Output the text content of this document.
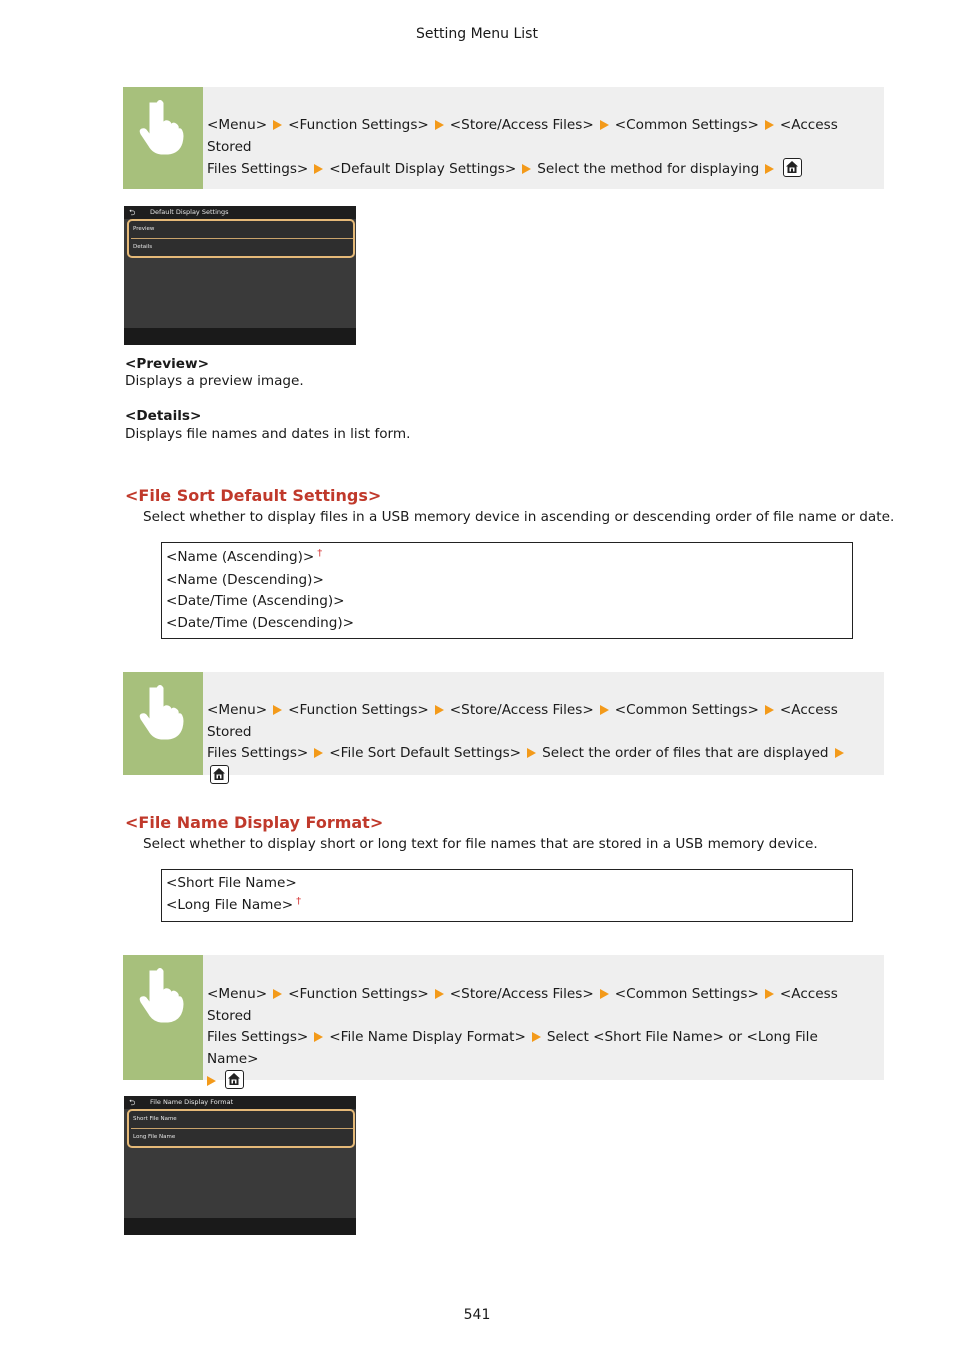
Setting Menu List
<Menu> <Function Settings> <Store/Access Files> <Common Settings> <Access Stored
Files Settings> <Default Display Settings> Select the method for displaying
⮌ Default Display Settings
Preview
Details
<Preview>
Displays a preview image.
<Details>
Displays file names and dates in list form.
<File Sort Default Settings>
Select whether to display files in a USB memory device in ascending or descending order of file name or date.
<Name (Ascending)> †
<Name (Descending)>
<Date/Time (Ascending)>
<Date/Time (Descending)>
<Menu> <Function Settings> <Store/Access Files> <Common Settings> <Access Stored
Files Settings> <File Sort Default Settings> Select the order of files that are displayed
<File Name Display Format>
Select whether to display short or long text for file names that are stored in a USB memory device.
<Short File Name>
<Long File Name> †
<Menu> <Function Settings> <Store/Access Files> <Common Settings> <Access Stored
Files Settings> <File Name Display Format> Select <Short File Name> or <Long File Name>

⮌ File Name Display Format
Short File Name
Long File Name
541
